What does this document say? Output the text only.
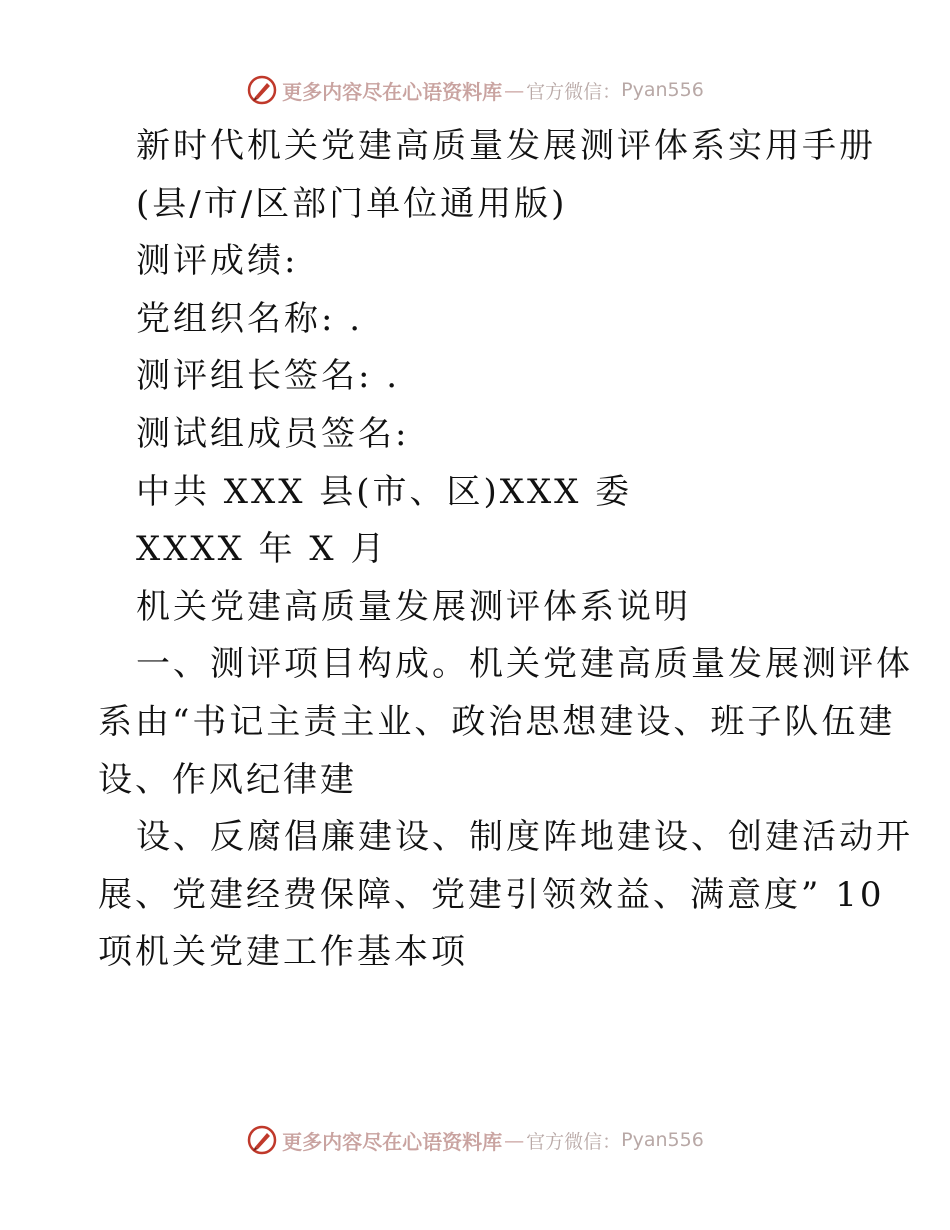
更多内容尽在心语资料库 — 官方微信： Pyan556
新时代机关党建高质量发展测评体系实用手册
(县/市/区部门单位通用版)
测评成绩:
党组织名称: .
测评组长签名: .
测试组成员签名:
中共 XXX 县(市、区)XXX 委
XXXX 年 X 月
机关党建高质量发展测评体系说明
一、测评项目构成。机关党建高质量发展测评体
系由“书记主责主业、政治思想建设、班子队伍建
设、作风纪律建
设、反腐倡廉建设、制度阵地建设、创建活动开
展、党建经费保障、党建引领效益、满意度” 10
项机关党建工作基本项
更多内容尽在心语资料库 — 官方微信： Pyan556
